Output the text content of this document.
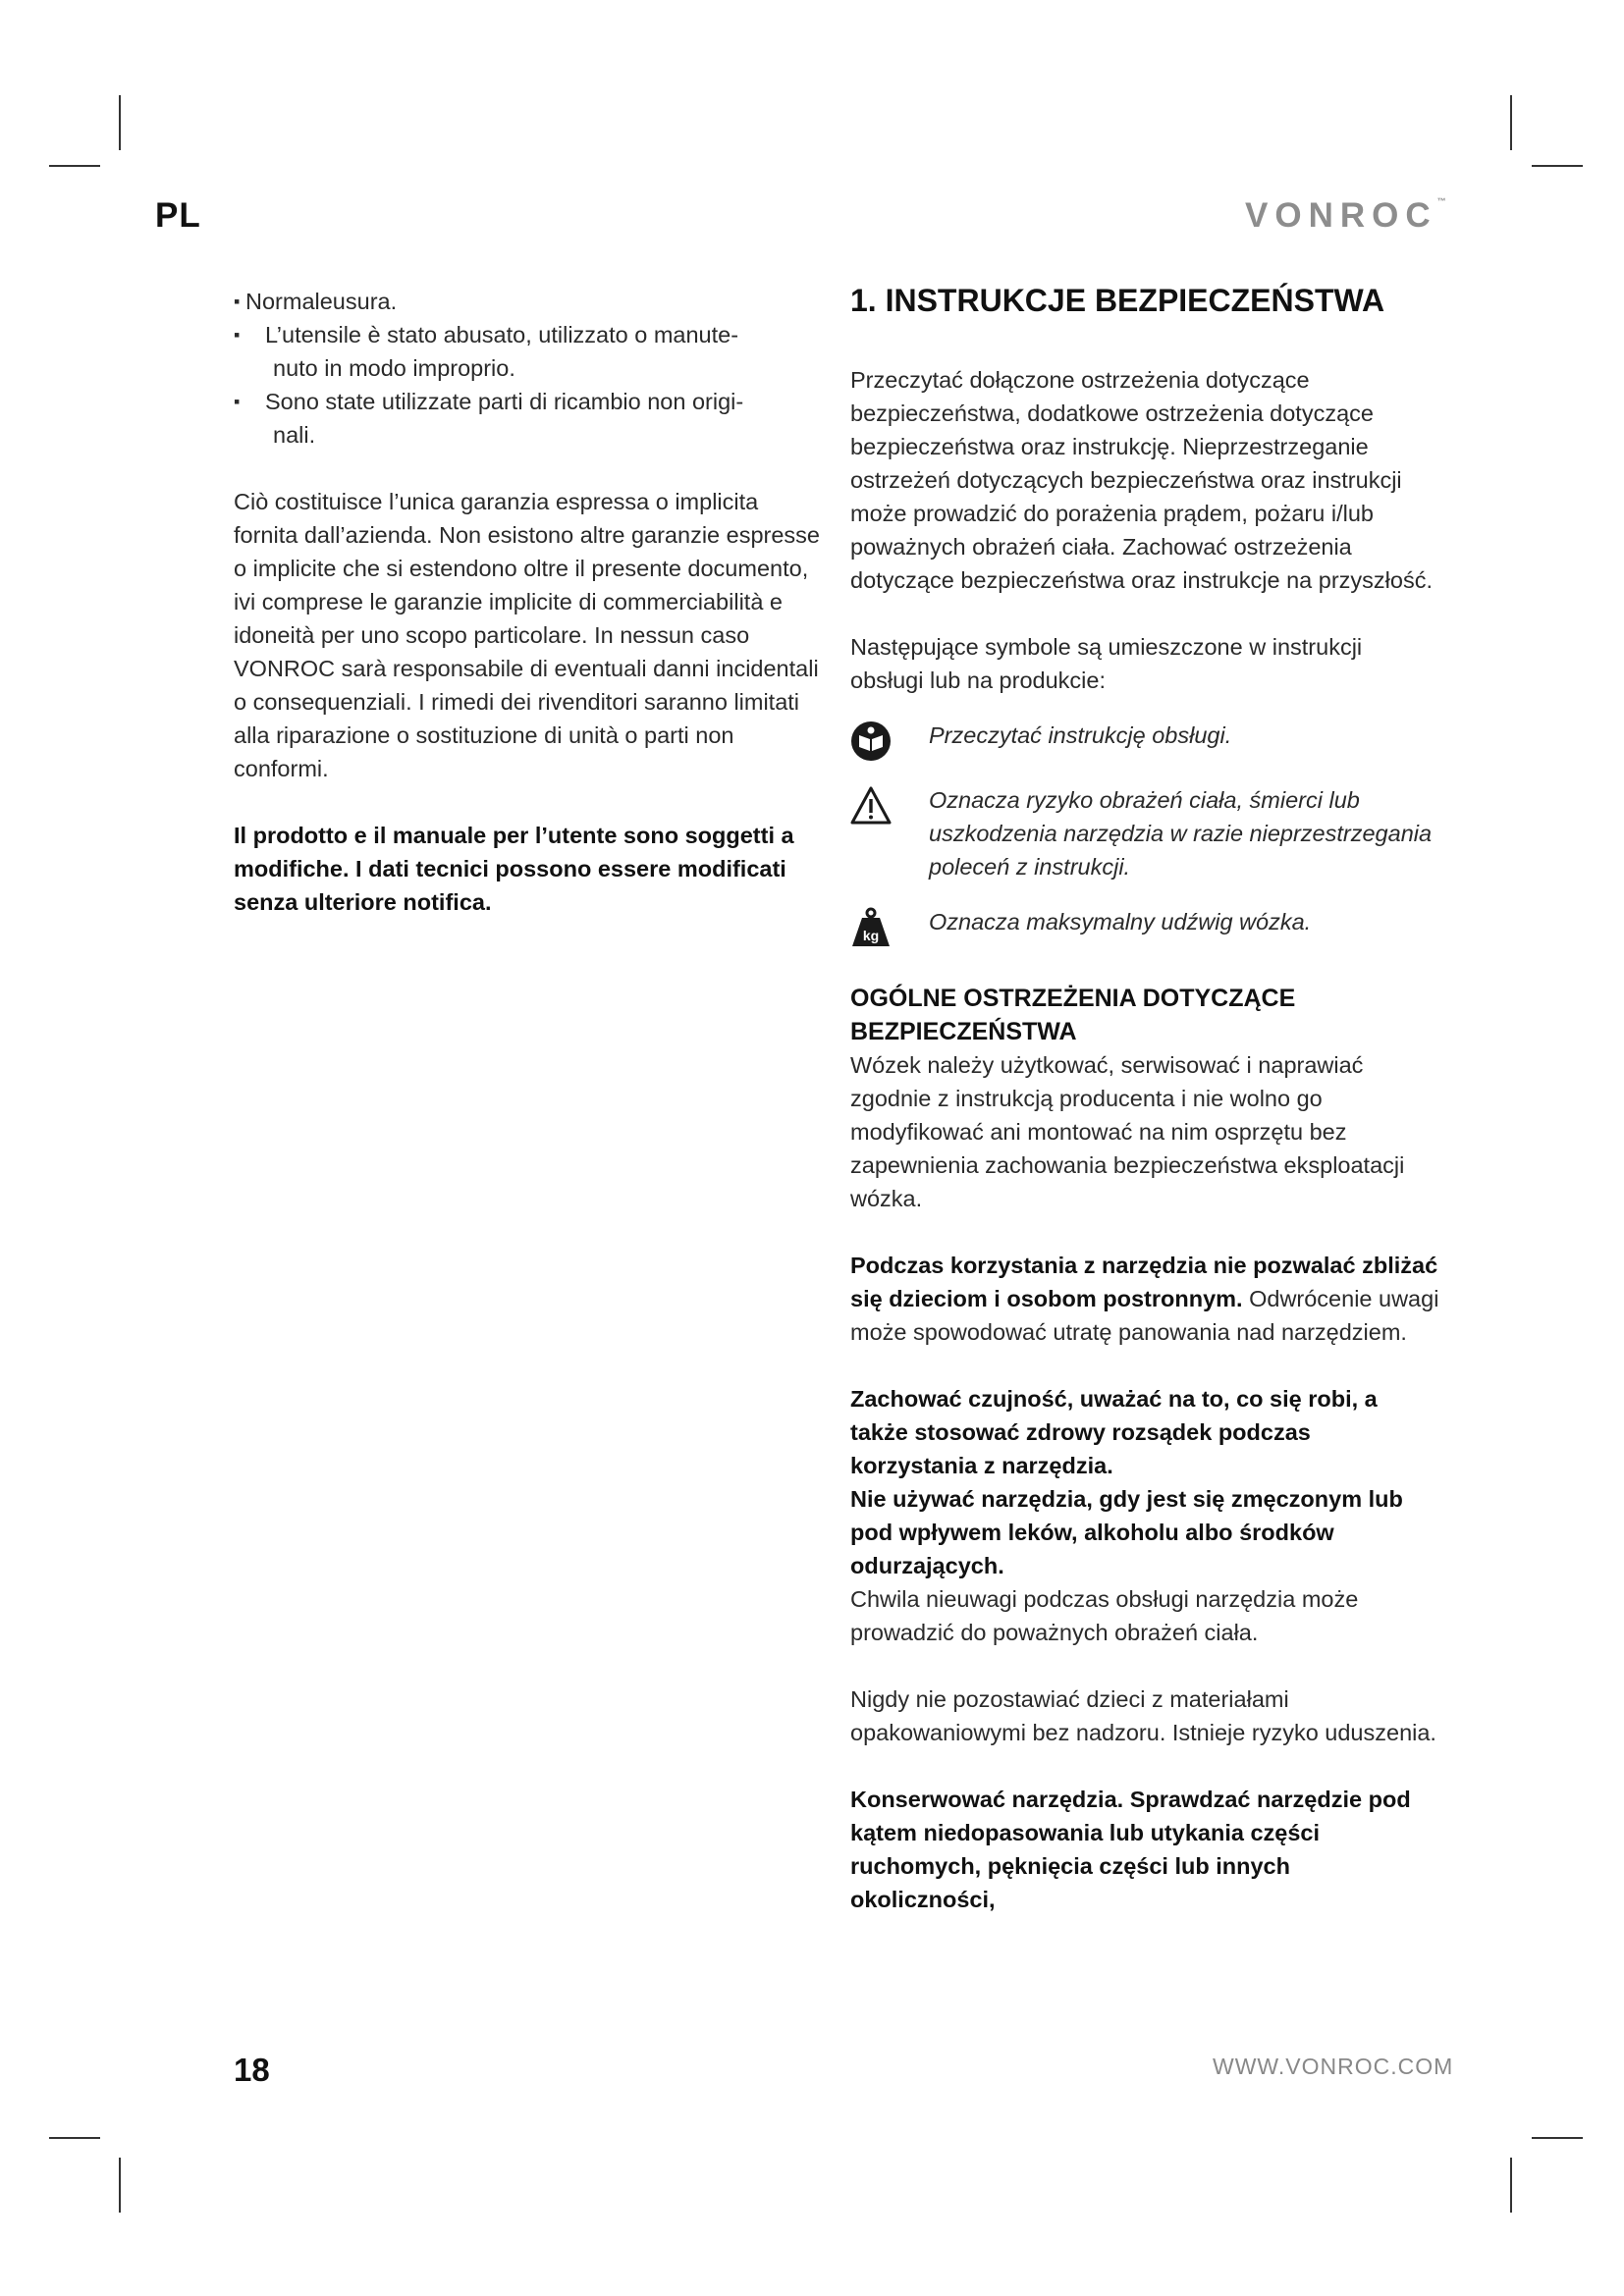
PL	VONROC™
▪ Normaleusura.
▪ L’utensile è stato abusato, utilizzato o manute-
nuto in modo improprio.
▪ Sono state utilizzate parti di ricambio non origi-
nali.

Ciò costituisce l’unica garanzia espressa o implicita fornita dall’azienda. Non esistono altre garanzie espresse o implicite che si estendono oltre il presente documento, ivi comprese le garanzie implicite di commerciabilità e idoneità per uno scopo particolare. In nessun caso VONROC sarà responsabile di eventuali danni incidentali o consequenziali. I rimedi dei rivenditori saranno limitati alla riparazione o sostituzione di unità o parti non conformi.

Il prodotto e il manuale per l’utente sono soggetti a modifiche. I dati tecnici possono essere modificati senza ulteriore notifica.

1. INSTRUKCJE BEZPIECZEŃSTWA

Przeczytać dołączone ostrzeżenia dotyczące bezpieczeństwa, dodatkowe ostrzeżenia dotyczące bezpieczeństwa oraz instrukcję. Nieprzestrzeganie ostrzeżeń dotyczących bezpieczeństwa oraz instrukcji może prowadzić do porażenia prądem, pożaru i/lub poważnych obrażeń ciała. Zachować ostrzeżenia dotyczące bezpieczeństwa oraz instrukcje na przyszłość.

Następujące symbole są umieszczone w instrukcji obsługi lub na produkcie:

Przeczytać instrukcję obsługi.
Oznacza ryzyko obrażeń ciała, śmierci lub uszkodzenia narzędzia w razie nieprzestrzegania poleceń z instrukcji.
kg
Oznacza maksymalny udźwig wózka.
OGÓLNE OSTRZEŻENIA DOTYCZĄCE BEZPIECZEŃSTWA

Wózek należy użytkować, serwisować i naprawiać zgodnie z instrukcją producenta i nie wolno go modyfikować ani montować na nim osprzętu bez zapewnienia zachowania bezpieczeństwa eksploatacji wózka.

Podczas korzystania z narzędzia nie pozwalać zbliżać się dzieciom i osobom postronnym. Odwrócenie uwagi może spowodować utratę panowania nad narzędziem.

Zachować czujność, uważać na to, co się robi, a także stosować zdrowy rozsądek podczas korzystania z narzędzia.

Nie używać narzędzia, gdy jest się zmęczonym lub pod wpływem leków, alkoholu albo środków odurzających.

Chwila nieuwagi podczas obsługi narzędzia może prowadzić do poważnych obrażeń ciała.

Nigdy nie pozostawiać dzieci z materiałami opakowaniowymi bez nadzoru. Istnieje ryzyko uduszenia.

Konserwować narzędzia. Sprawdzać narzędzie pod kątem niedopasowania lub utykania części ruchomych, pęknięcia części lub innych okoliczności,

18	WWW.VONROC.COM
